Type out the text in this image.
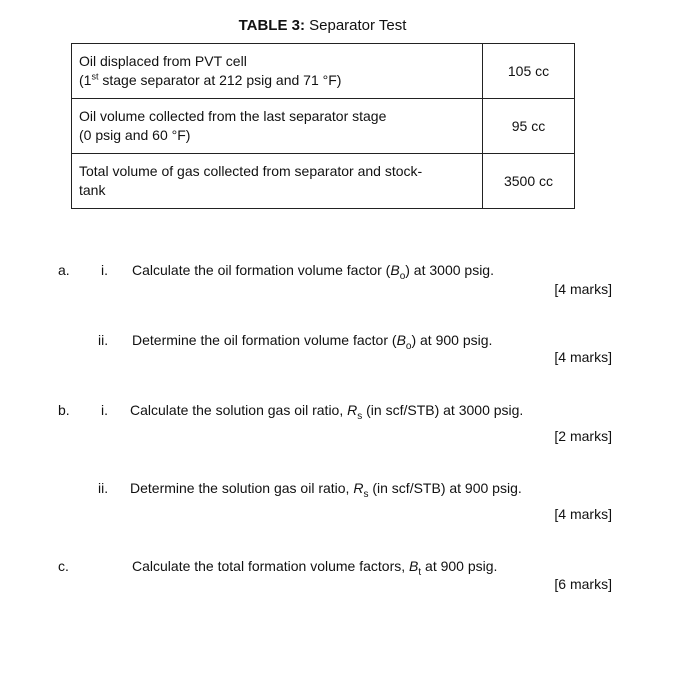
TABLE 3: Separator Test
Oil displaced from PVT cell
(1st stage separator at 212 psig and 71 °F)	105 cc
Oil volume collected from the last separator stage
(0 psig and 60 °F)	95 cc
Total volume of gas collected from separator and stock-
tank	3500 cc
a. i. Calculate the oil formation volume factor $(B_o)$ at 3000 psig.
[4 marks]
ii. Determine the oil formation volume factor $(B_o)$ at 900 psig.
[4 marks]
b. i. Calculate the solution gas oil ratio, $R_s$ (in scf/STB) at 3000 psig.
[2 marks]
ii. Determine the solution gas oil ratio, $R_s$ (in scf/STB) at 900 psig.
[4 marks]
c.	Calculate the total formation volume factors, $B_t$ at 900 psig.
[6 marks]
